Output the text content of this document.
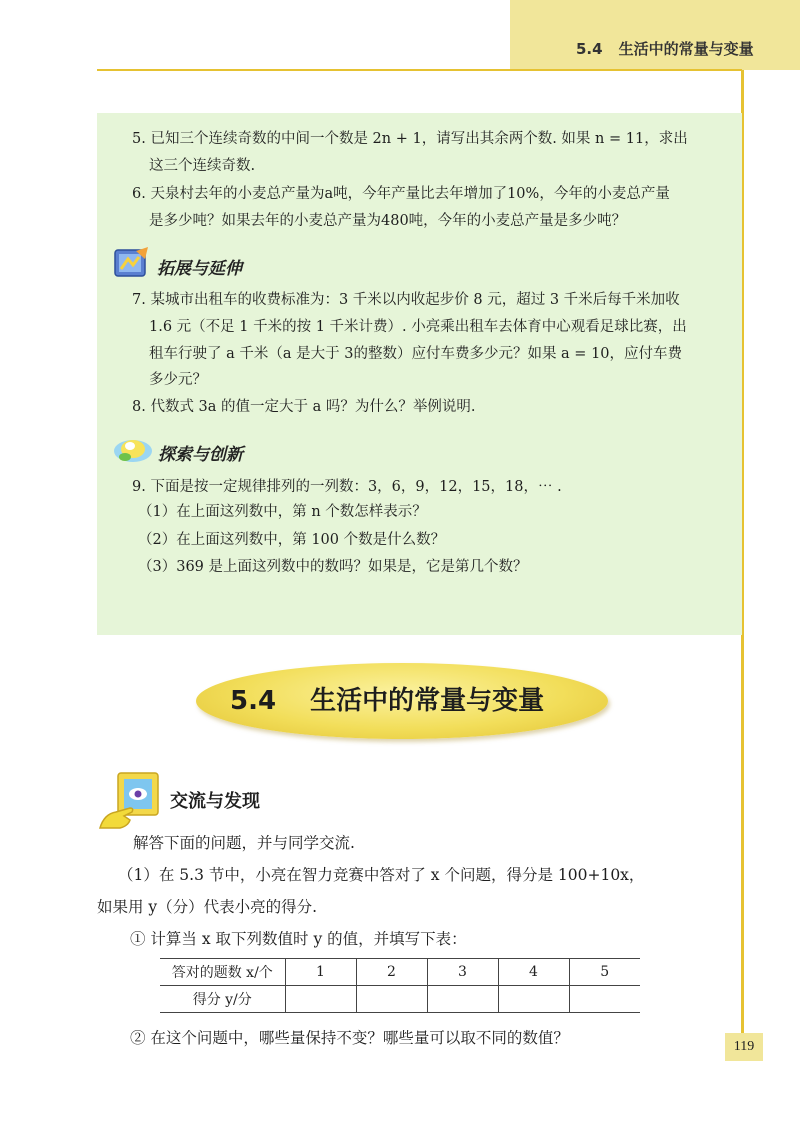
5.4 生活中的常量与变量
5. 已知三个连续奇数的中间一个数是 2n + 1，请写出其余两个数. 如果 n = 11，求出
这三个连续奇数.
6. 天泉村去年的小麦总产量为a吨，今年产量比去年增加了10%，今年的小麦总产量
是多少吨？如果去年的小麦总产量为480吨，今年的小麦总产量是多少吨？
拓展与延伸
7. 某城市出租车的收费标准为：3 千米以内收起步价 8 元，超过 3 千米后每千米加收
1.6 元（不足 1 千米的按 1 千米计费）. 小亮乘出租车去体育中心观看足球比赛，出
租车行驶了 a 千米（a 是大于 3的整数）应付车费多少元？如果 a = 10，应付车费
多少元？
8. 代数式 3a 的值一定大于 a 吗？为什么？举例说明.
探索与创新
9. 下面是按一定规律排列的一列数：3，6，9，12，15，18，⋯ .
（1）在上面这列数中，第 n 个数怎样表示？
（2）在上面这列数中，第 100 个数是什么数？
（3）369 是上面这列数中的数吗？如果是，它是第几个数？
5.4 生活中的常量与变量
交流与发现
解答下面的问题，并与同学交流.
（1）在 5.3 节中，小亮在智力竞赛中答对了 x 个问题，得分是 100+10x，
如果用 y（分）代表小亮的得分.
① 计算当 x 取下列数值时 y 的值，并填写下表：
答对的题数 x/个	1	2	3	4	5
得分 y/分					
② 在这个问题中，哪些量保持不变？哪些量可以取不同的数值？	119
